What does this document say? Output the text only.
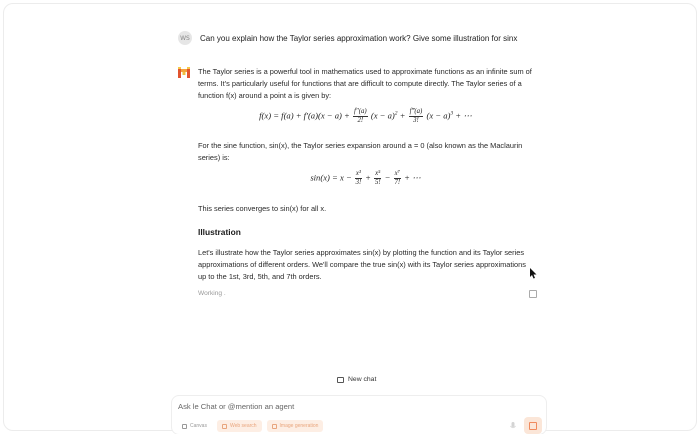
WS Can you explain how the Taylor series approximation work? Give some illustration for sinx
The Taylor series is a powerful tool in mathematics used to approximate functions as an infinite sum of terms. It's particularly useful for functions that are difficult to compute directly. The Taylor series of a function f(x) around a point a is given by:
$f(x) = f(a) + f'(a)(x - a) + \frac{f''(a)}{2!} (x - a)^2 + \frac{f‴(a)}{3!} (x - a)^3$ + ⋯
For the sine function, sin(x), the Taylor series expansion around a = 0 (also known as the Maclaurin series) is:
$\sin(x) = x - \frac{\text{x³}}{3!} + \frac{\text{x⁵}}{5!} - \frac{\text{x⁷}}{7!}$ + ⋯
This series converges to sin(x) for all x.
Illustration
Let's illustrate how the Taylor series approximates sin(x) by plotting the function and its Taylor series approximations of different orders. We'll compare the true sin(x) with its Taylor series approximations up to the 1st, 3rd, 5th, and 7th orders.
Working .
New chat
Ask le Chat or @mention an agent
Canvas	Web search	Image generation
